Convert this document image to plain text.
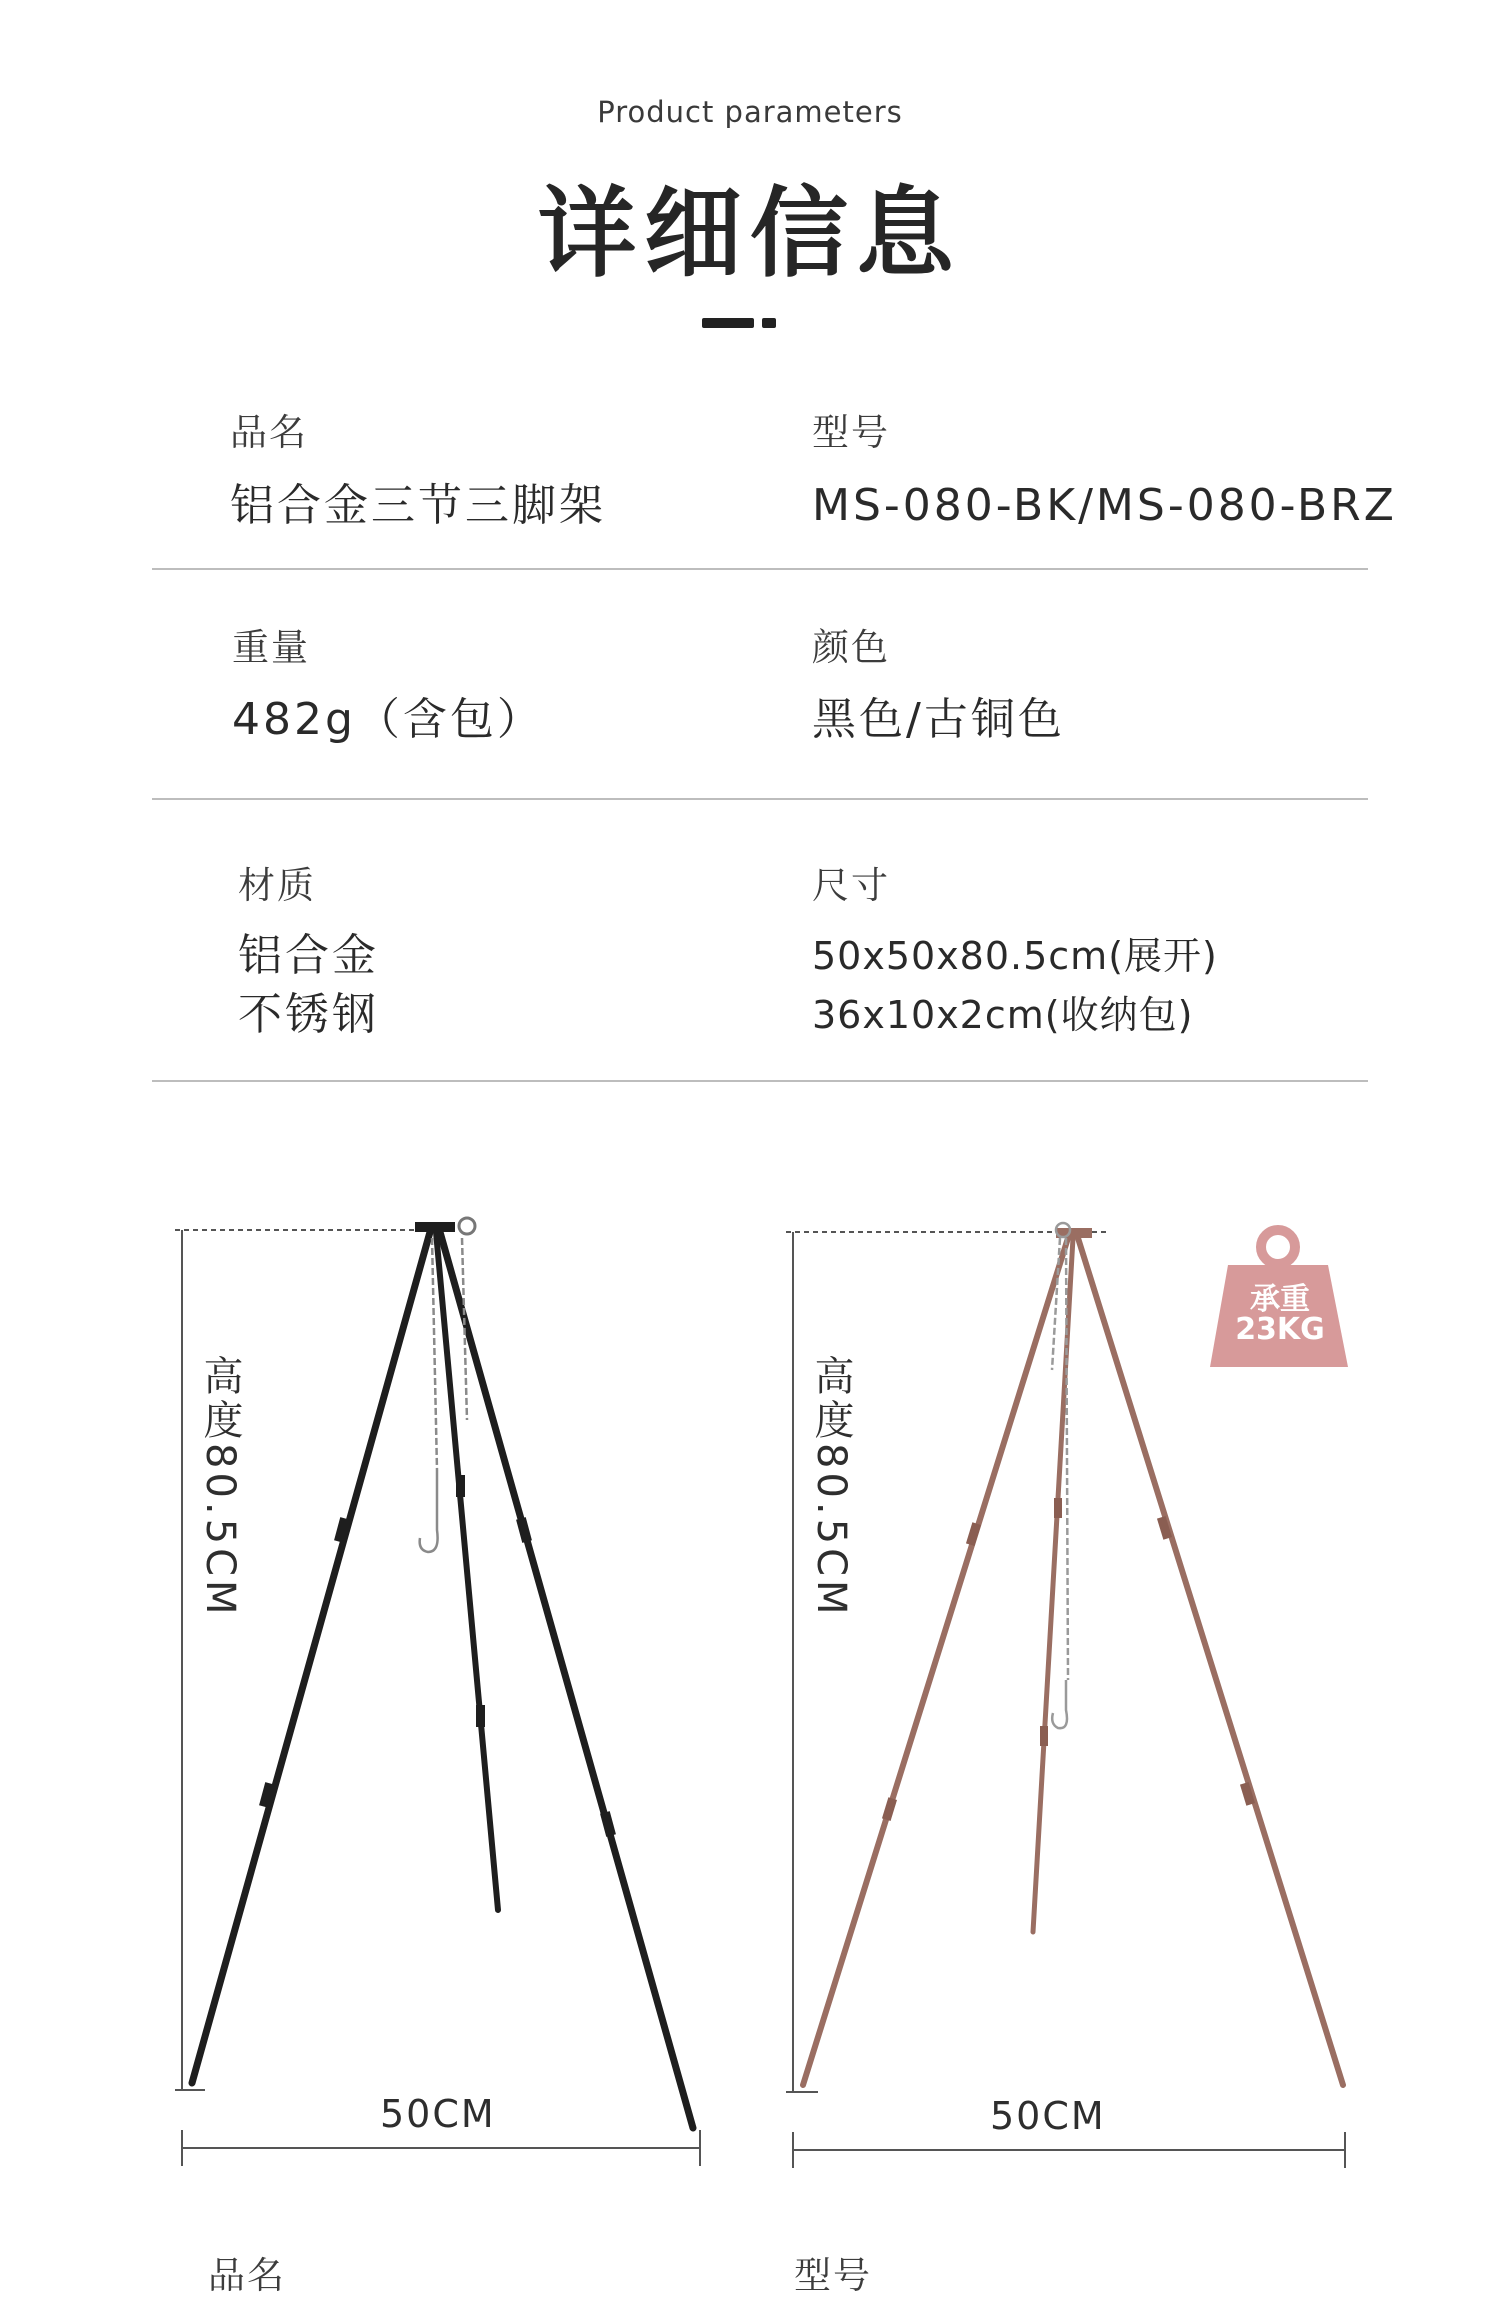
Product parameters
详细信息
品名
铝合金三节三脚架
型号
MS-080-BK/MS-080-BRZ
重量
482g（含包）
颜色
黑色/古铜色
材质
铝合金
不锈钢
尺寸
50x50x80.5cm(展开)
36x10x2cm(收纳包)
承重
23KG
高度80.5CM
50CM
高度80.5CM
50CM
品名	型号
